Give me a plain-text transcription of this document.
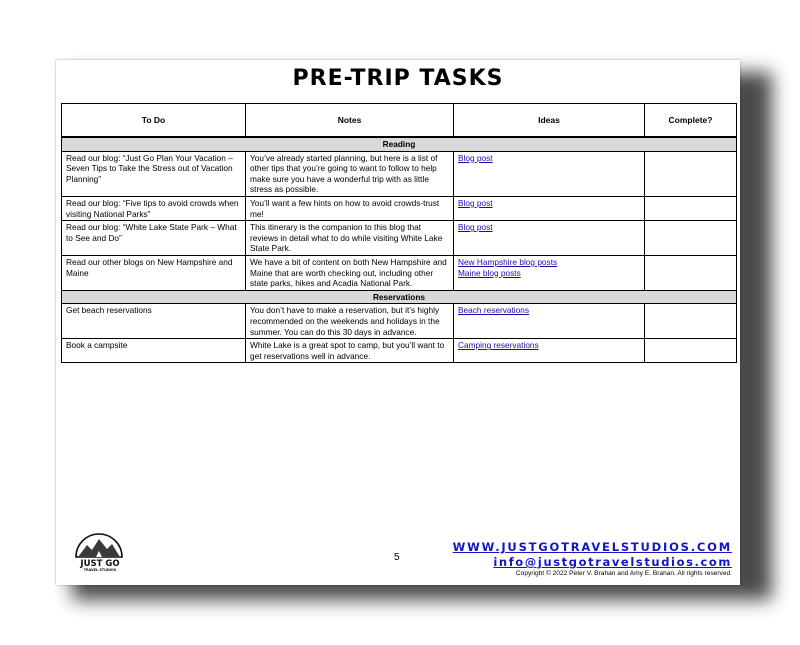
PRE-TRIP TASKS
To Do	Notes	Ideas	Complete?
Reading			
Read our blog: “Just Go Plan Your Vacation – Seven Tips to Take the Stress out of Vacation Planning”	You’ve already started planning, but here is a list of other tips that you’re going to want to follow to help make sure you have a wonderful trip with as little stress as possible.	Blog post	

Read our blog: “Five tips to avoid crowds when visiting National Parks”	You’ll want a few hints on how to avoid crowds-trust me!	Blog post	

Read our blog: “White Lake State Park – What to See and Do”	This itinerary is the companion to this blog that reviews in detail what to do while visiting White Lake State Park.	Blog post	

Read our other blogs on New Hampshire and Maine	We have a bit of content on both New Hampshire and Maine that are worth checking out, including other state parks, hikes and Acadia National Park.	New Hampshire blog posts
Maine blog posts	

Reservations			
Get beach reservations	You don’t have to make a reservation, but it’s highly recommended on the weekends and holidays in the summer. You can do this 30 days in advance.	Beach reservations	

Book a campsite	White Lake is a great spot to camp, but you’ll want to get reservations well in advance.	Camping reservations	

JUST GO
TRAVEL STUDIOS
5
WWW.JUSTGOTRAVELSTUDIOS.COM
info@justgotravelstudios.com
Copyright © 2022 Peter V. Brahan and Amy E. Brahan. All rights reserved.
